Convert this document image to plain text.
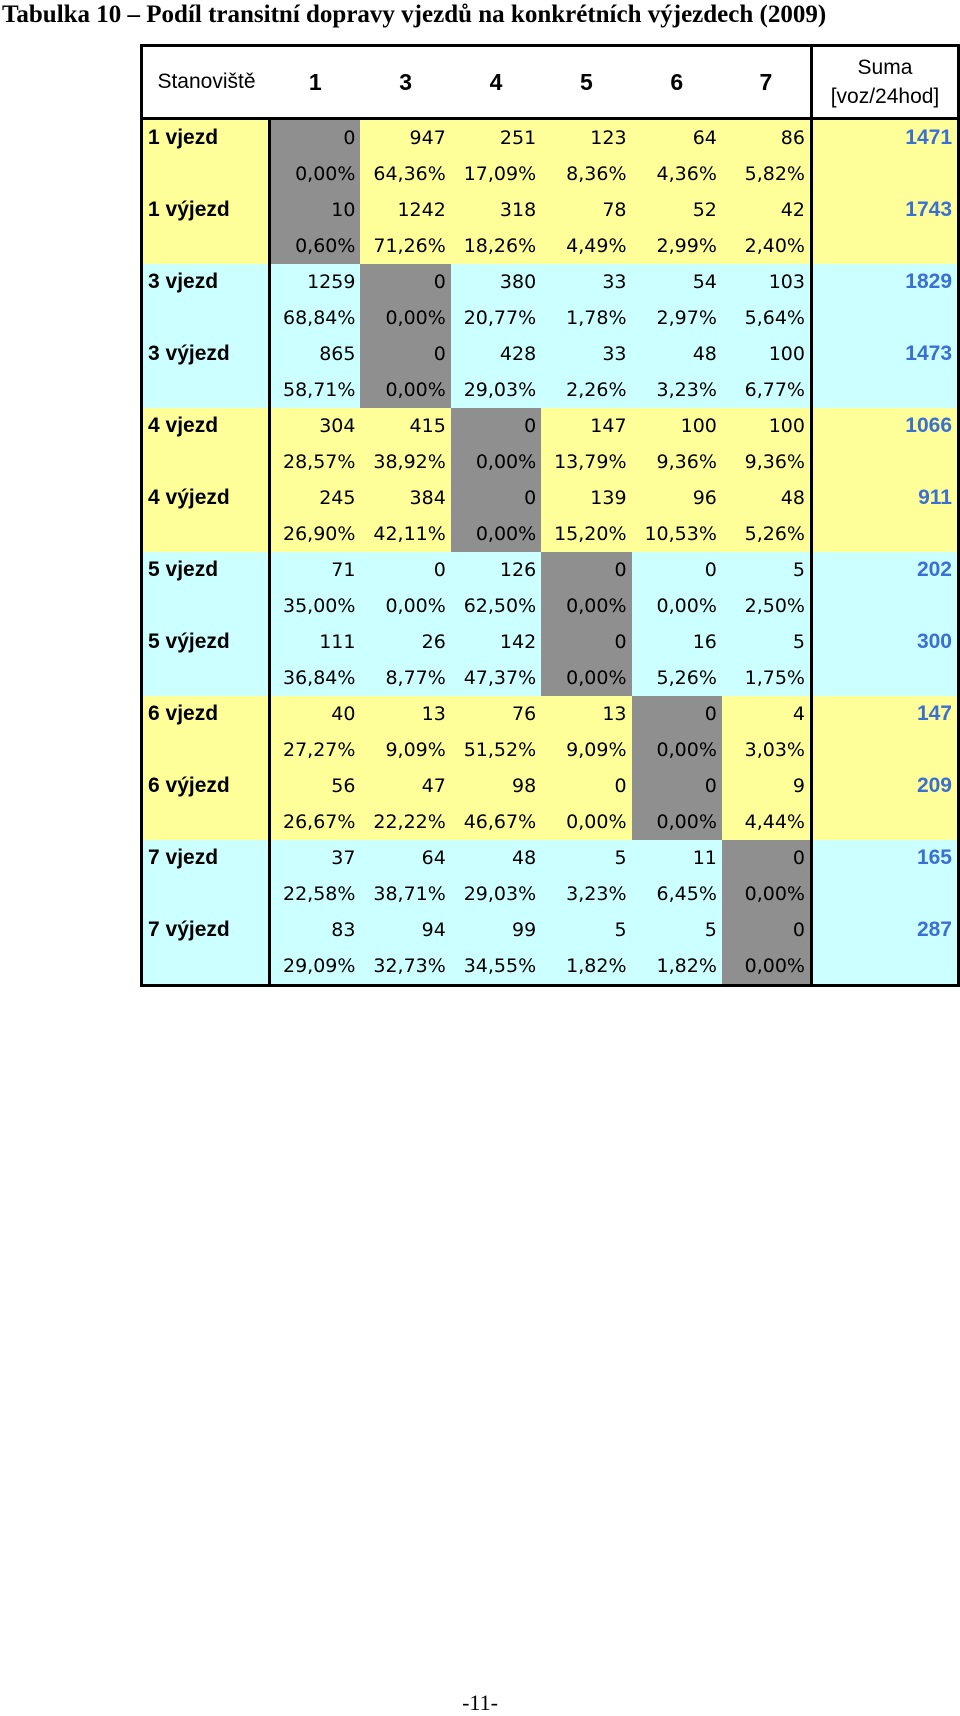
Tabulka 10 – Podíl transitní dopravy vjezdů na konkrétních výjezdech (2009)
Stanoviště	1	3	4	5	6	7	Suma
[voz/24hod]

1 vjezd	0	947	251	123	64	86	1471
	0,00%	64,36%	17,09%	8,36%	4,36%	5,82%	
1 výjezd	10	1242	318	78	52	42	1743
	0,60%	71,26%	18,26%	4,49%	2,99%	2,40%	
3 vjezd	1259	0	380	33	54	103	1829
	68,84%	0,00%	20,77%	1,78%	2,97%	5,64%	
3 výjezd	865	0	428	33	48	100	1473
	58,71%	0,00%	29,03%	2,26%	3,23%	6,77%	
4 vjezd	304	415	0	147	100	100	1066
	28,57%	38,92%	0,00%	13,79%	9,36%	9,36%	
4 výjezd	245	384	0	139	96	48	911
	26,90%	42,11%	0,00%	15,20%	10,53%	5,26%	
5 vjezd	71	0	126	0	0	5	202
	35,00%	0,00%	62,50%	0,00%	0,00%	2,50%	
5 výjezd	111	26	142	0	16	5	300
	36,84%	8,77%	47,37%	0,00%	5,26%	1,75%	
6 vjezd	40	13	76	13	0	4	147
	27,27%	9,09%	51,52%	9,09%	0,00%	3,03%	
6 výjezd	56	47	98	0	0	9	209
	26,67%	22,22%	46,67%	0,00%	0,00%	4,44%	
7 vjezd	37	64	48	5	11	0	165
	22,58%	38,71%	29,03%	3,23%	6,45%	0,00%	
7 výjezd	83	94	99	5	5	0	287
	29,09%	32,73%	34,55%	1,82%	1,82%	0,00%	
-11-
